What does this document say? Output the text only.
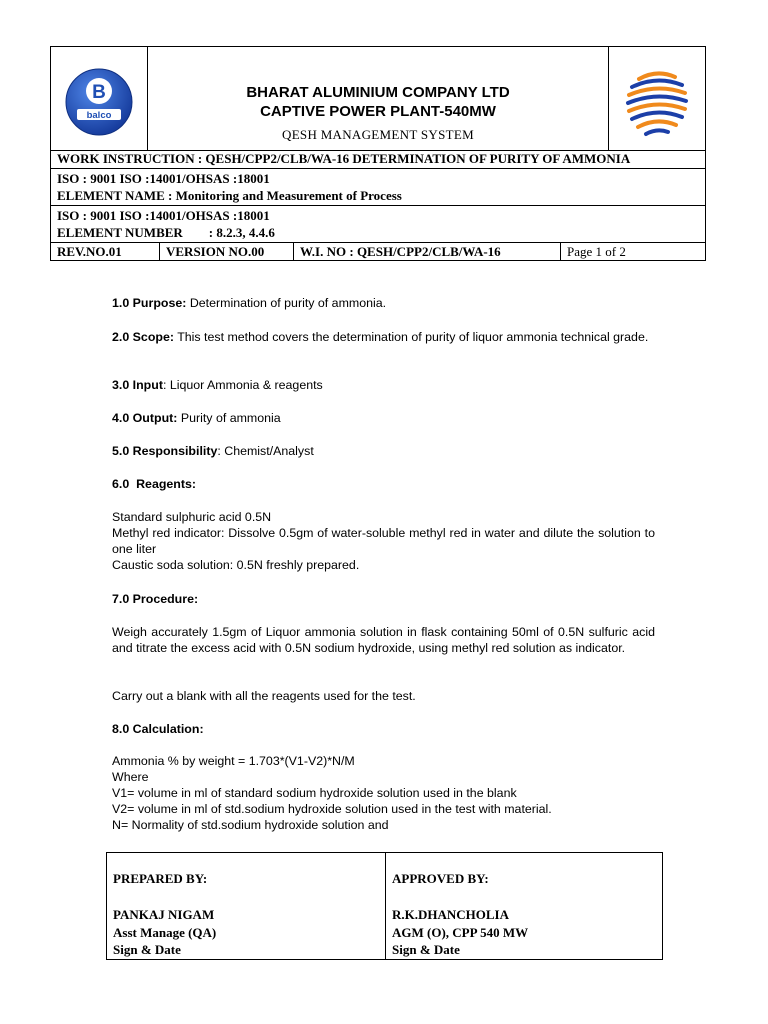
balco
B	BHARAT ALUMINIUM COMPANY LTD
CAPTIVE POWER PLANT-540MW
QESH MANAGEMENT SYSTEM
WORK INSTRUCTION : QESH/CPP2/CLB/WA-16 DETERMINATION OF PURITY OF AMMONIA
ISO : 9001 ISO :14001/OHSAS :18001
ELEMENT NAME : Monitoring and Measurement of Process
ISO : 9001 ISO :14001/OHSAS :18001
ELEMENT NUMBER        : 8.2.3, 4.4.6
REV.NO.01	VERSION NO.00	W.I. NO : QESH/CPP2/CLB/WA-16	Page 1 of 2

1.0 Purpose: Determination of purity of ammonia.

2.0 Scope: This test method covers the determination of purity of liquor ammonia technical grade.

3.0 Input: Liquor Ammonia & reagents

4.0 Output: Purity of ammonia

5.0 Responsibility: Chemist/Analyst

6.0  Reagents:

Standard sulphuric acid 0.5N

Methyl red indicator: Dissolve 0.5gm of water-soluble methyl red in water and dilute the solution to one liter

Caustic soda solution: 0.5N freshly prepared.

7.0 Procedure:

Weigh accurately 1.5gm of Liquor ammonia solution in flask containing 50ml of 0.5N sulfuric acid and titrate the excess acid with 0.5N sodium hydroxide, using methyl red solution as indicator.

Carry out a blank with all the reagents used for the test.

8.0 Calculation:

Ammonia % by weight = 1.703*(V1-V2)*N/M

Where

V1= volume in ml of standard sodium hydroxide solution used in the blank

V2= volume in ml of std.sodium hydroxide solution used in the test with material.

N= Normality of std.sodium hydroxide solution and

PREPARED BY:
PANKAJ NIGAM
Asst Manage (QA)
Sign & Date
APPROVED BY:
R.K.DHANCHOLIA
AGM (O), CPP 540 MW
Sign & Date
